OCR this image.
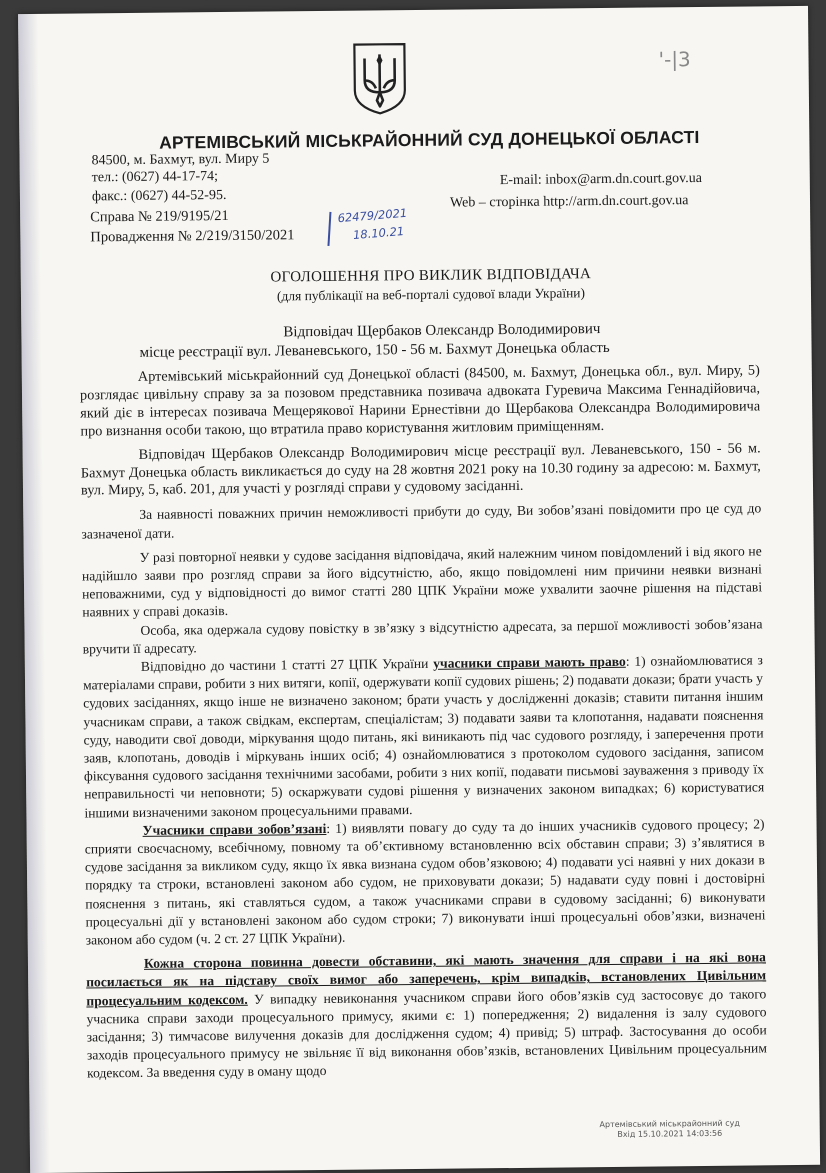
'-|3
АРТЕМІВСЬКИЙ МІСЬКРАЙОННИЙ СУД ДОНЕЦЬКОЇ ОБЛАСТІ
84500, м. Бахмут, вул. Миру 5
тел.: (0627) 44-17-74;
факс.: (0627) 44-52-95.
E-mail: inbox@arm.dn.court.gov.ua
Web – сторінка http://arm.dn.court.gov.ua
Справа № 219/9195/21
Провадження № 2/219/3150/2021
62479/2021
18.10.21
ОГОЛОШЕННЯ ПРО ВИКЛИК ВІДПОВІДАЧА
(для публікації на веб-порталі судової влади України)
Відповідач Щербаков Олександр Володимирович
місце реєстрації вул. Леваневського, 150 - 56 м. Бахмут Донецька область

Артемівський міськрайонний суд Донецької області (84500, м. Бахмут, Донецька обл., вул. Миру, 5) розглядає цивільну справу за за позовом представника позивача адвоката Гуревича Максима Геннадійовича, який діє в інтересах позивача Мещерякової Нарини Ернестівни до Щербакова Олександра Володимировича про визнання особи такою, що втратила право користування житловим приміщенням.

Відповідач Щербаков Олександр Володимирович місце реєстрації вул. Леваневського, 150 - 56 м. Бахмут Донецька область викликається до суду на 28 жовтня 2021 року на 10.30 годину за адресою: м. Бахмут, вул. Миру, 5, каб. 201, для участі у розгляді справи у судовому засіданні.

За наявності поважних причин неможливості прибути до суду, Ви зобов’язані повідомити про це суд до зазначеної дати.

У разі повторної неявки у судове засідання відповідача, який належним чином повідомлений і від якого не надійшло заяви про розгляд справи за його відсутністю, або, якщо повідомлені ним причини неявки визнані неповажними, суд у відповідності до вимог статті 280 ЦПК України може ухвалити заочне рішення на підставі наявних у справі доказів.

Особа, яка одержала судову повістку в зв’язку з відсутністю адресата, за першої можливості зобов’язана вручити її адресату.

Відповідно до частини 1 статті 27 ЦПК України учасники справи мають право: 1) ознайомлюватися з матеріалами справи, робити з них витяги, копії, одержувати копії судових рішень; 2) подавати докази; брати участь у судових засіданнях, якщо інше не визначено законом; брати участь у дослідженні доказів; ставити питання іншим учасникам справи, а також свідкам, експертам, спеціалістам; 3) подавати заяви та клопотання, надавати пояснення суду, наводити свої доводи, міркування щодо питань, які виникають під час судового розгляду, і заперечення проти заяв, клопотань, доводів і міркувань інших осіб; 4) ознайомлюватися з протоколом судового засідання, записом фіксування судового засідання технічними засобами, робити з них копії, подавати письмові зауваження з приводу їх неправильності чи неповноти; 5) оскаржувати судові рішення у визначених законом випадках; 6) користуватися іншими визначеними законом процесуальними правами.

Учасники справи зобов’язані: 1) виявляти повагу до суду та до інших учасників судового процесу; 2) сприяти своєчасному, всебічному, повному та об’єктивному встановленню всіх обставин справи; 3) з’являтися в судове засідання за викликом суду, якщо їх явка визнана судом обов’язковою; 4) подавати усі наявні у них докази в порядку та строки, встановлені законом або судом, не приховувати докази; 5) надавати суду повні і достовірні пояснення з питань, які ставляться судом, а також учасниками справи в судовому засіданні; 6) виконувати процесуальні дії у встановлені законом або судом строки; 7) виконувати інші процесуальні обов’язки, визначені законом або судом (ч. 2 ст. 27 ЦПК України).

Кожна сторона повинна довести обставини, які мають значення для справи і на які вона посилається як на підставу своїх вимог або заперечень, крім випадків, встановлених Цивільним процесуальним кодексом. У випадку невиконання учасником справи його обов’язків суд застосовує до такого учасника справи заходи процесуального примусу, якими є: 1) попередження; 2) видалення із залу судового засідання; 3) тимчасове вилучення доказів для дослідження судом; 4) привід; 5) штраф. Застосування до особи заходів процесуального примусу не звільняє її від виконання обов’язків, встановлених Цивільним процесуальним кодексом. За введення суду в оману щодо

Артемівський міськрайонний суд
Вхід 15.10.2021 14:03:56
